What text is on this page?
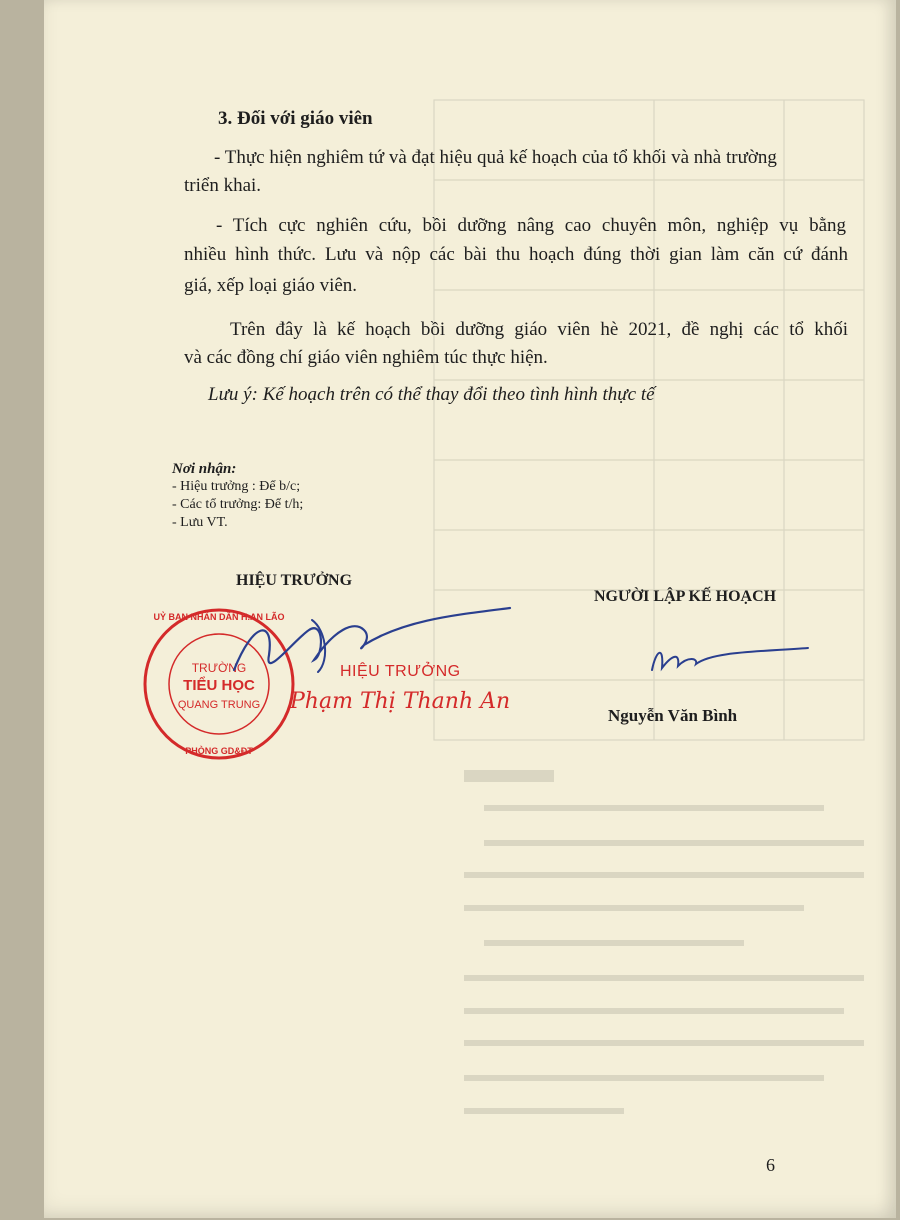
3. Đối với giáo viên
- Thực hiện nghiêm tứ và đạt hiệu quả kế hoạch của tổ khối và nhà trường
triển khai.
- Tích cực nghiên cứu, bồi dưỡng nâng cao chuyên môn, nghiệp vụ bằng
nhiều hình thức. Lưu và nộp các bài thu hoạch đúng thời gian làm căn cứ đánh
giá, xếp loại giáo viên.
Trên đây là kế hoạch bồi dưỡng giáo viên hè 2021, đề nghị các tổ khối
và các đồng chí giáo viên nghiêm túc thực hiện.
Lưu ý: Kế hoạch trên có thể thay đổi theo tình hình thực tế
Nơi nhận:
- Hiệu trưởng : Để b/c;
- Các tổ trưởng: Để t/h;
- Lưu VT.
HIỆU TRƯỞNG
NGƯỜI LẬP KẾ HOẠCH
UỶ BAN NHÂN DÂN H.AN LÃO
PHÒNG GD&ĐT
TRƯỜNG
TIỂU HỌC
QUANG TRUNG
HIỆU TRƯỞNG
Phạm Thị Thanh An
Nguyễn Văn Bình
6
